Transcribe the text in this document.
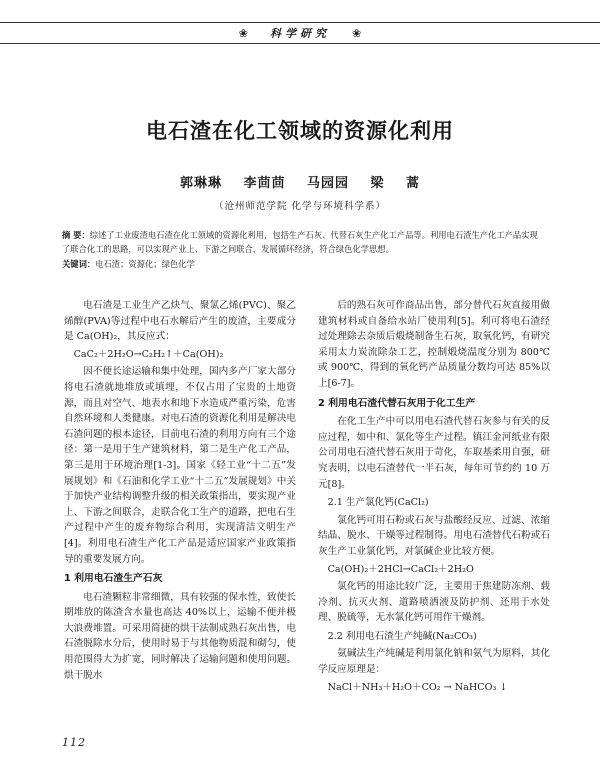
❀ 科学研究 ❀
电石渣在化工领域的资源化利用
郭琳琳 李茴茴 马园园 梁 蒿
（沧州师范学院 化学与环境科学系）
摘 要：综述了工业废渣电石渣在化工领域的资源化利用，包括生产石灰、代替石灰生产化工产品等。利用电石渣生产化工产品实现了联合化工的思路，可以实现产业上、下游之间联合，发展循环经济，符合绿色化学思想。
关键词：电石渣；资源化；绿色化学

电石渣是工业生产乙炔气、聚氯乙烯(PVC)、聚乙烯醇(PVA)等过程中电石水解后产生的废渣，主要成分是 Ca(OH)₂，其反应式：

CaC₂＋2H₂O→C₂H₂↑＋Ca(OH)₂

因不便长途运输和集中处理，国内多产厂家大部分将电石渣就地堆放或填埋，不仅占用了宝贵的土地资源，而且对空气、地表水和地下水造成严重污染，危害自然环境和人类健康。对电石渣的资源化利用是解决电石渣问题的根本途径，目前电石渣的利用方向有三个途径：第一是用于生产建筑材料，第二是生产化工产品，第三是用于环境治理[1-3]。国家《轻工业“十二五”发展规划》和《石油和化学工业“十二五”发展规划》中关于加快产业结构调整升级的相关政策指出，要实现产业上、下游之间联合，走联合化工生产的道路，把电石生产过程中产生的废弃物综合利用，实现清洁文明生产[4]。利用电石渣生产化工产品是适应国家产业政策指导的重要发展方向。

1 利用电石渣生产石灰

电石渣颗粒非常细微，具有较强的保水性，致使长期堆放的陈渣含水量也高达 40%以上，运输不便并极大浪费堆置。可采用简捷的烘干法制成熟石灰出售，电石渣脱除水分后，使用时易于与其他物质混和砌匀，使用范围得大为扩宽，同时解决了运输问题和使用问题。烘干脱水

后的熟石灰可作商品出售，部分替代石灰直接用做建筑材料或自备给水站厂使用利[5]。利可将电石渣经过处理除去杂质后煅烧制备生石灰，取氧化钙，有研究采用太力炭流除杂工艺，控制煅烧温度分别为 800℃或 900℃，得到的氧化钙产品质量分数均可达 85%以上[6-7]。

2 利用电石渣代替石灰用于化工生产

在化工生产中可以用电石渣代替石灰参与有关的反应过程，如中和、氯化等生产过程。镇江金河纸业有限公司用电石渣代替石灰用于苛化，车取基柔用自强，研究表明，以电石渣替代一半石灰，每年可节约约 10 万元[8]。

2.1 生产氯化钙(CaCl₂)

氯化钙可用石粉或石灰与盐酸经反应、过滤、浓缩结晶、脱水、干燥等过程制得。用电石渣替代石粉或石灰生产工业氯化钙，对氯碱企业比较方便。

Ca(OH)₂＋2HCl→CaCl₂＋2H₂O

氯化钙的用途比较广泛，主要用于焦建防冻剂、载冷剂、抗灭火剂、道路喷洒液及防护剂、还用于水处理、脱硫等，无水氯化钙可用作干燥剂。

2.2 利用电石渣生产纯碱(Na₂CO₃)

氨碱法生产纯碱是利用氯化钠和氨气为原料，其化学反应原理是：

NaCl＋NH₃＋H₂O＋CO₂ → NaHCO₃ ↓

112
